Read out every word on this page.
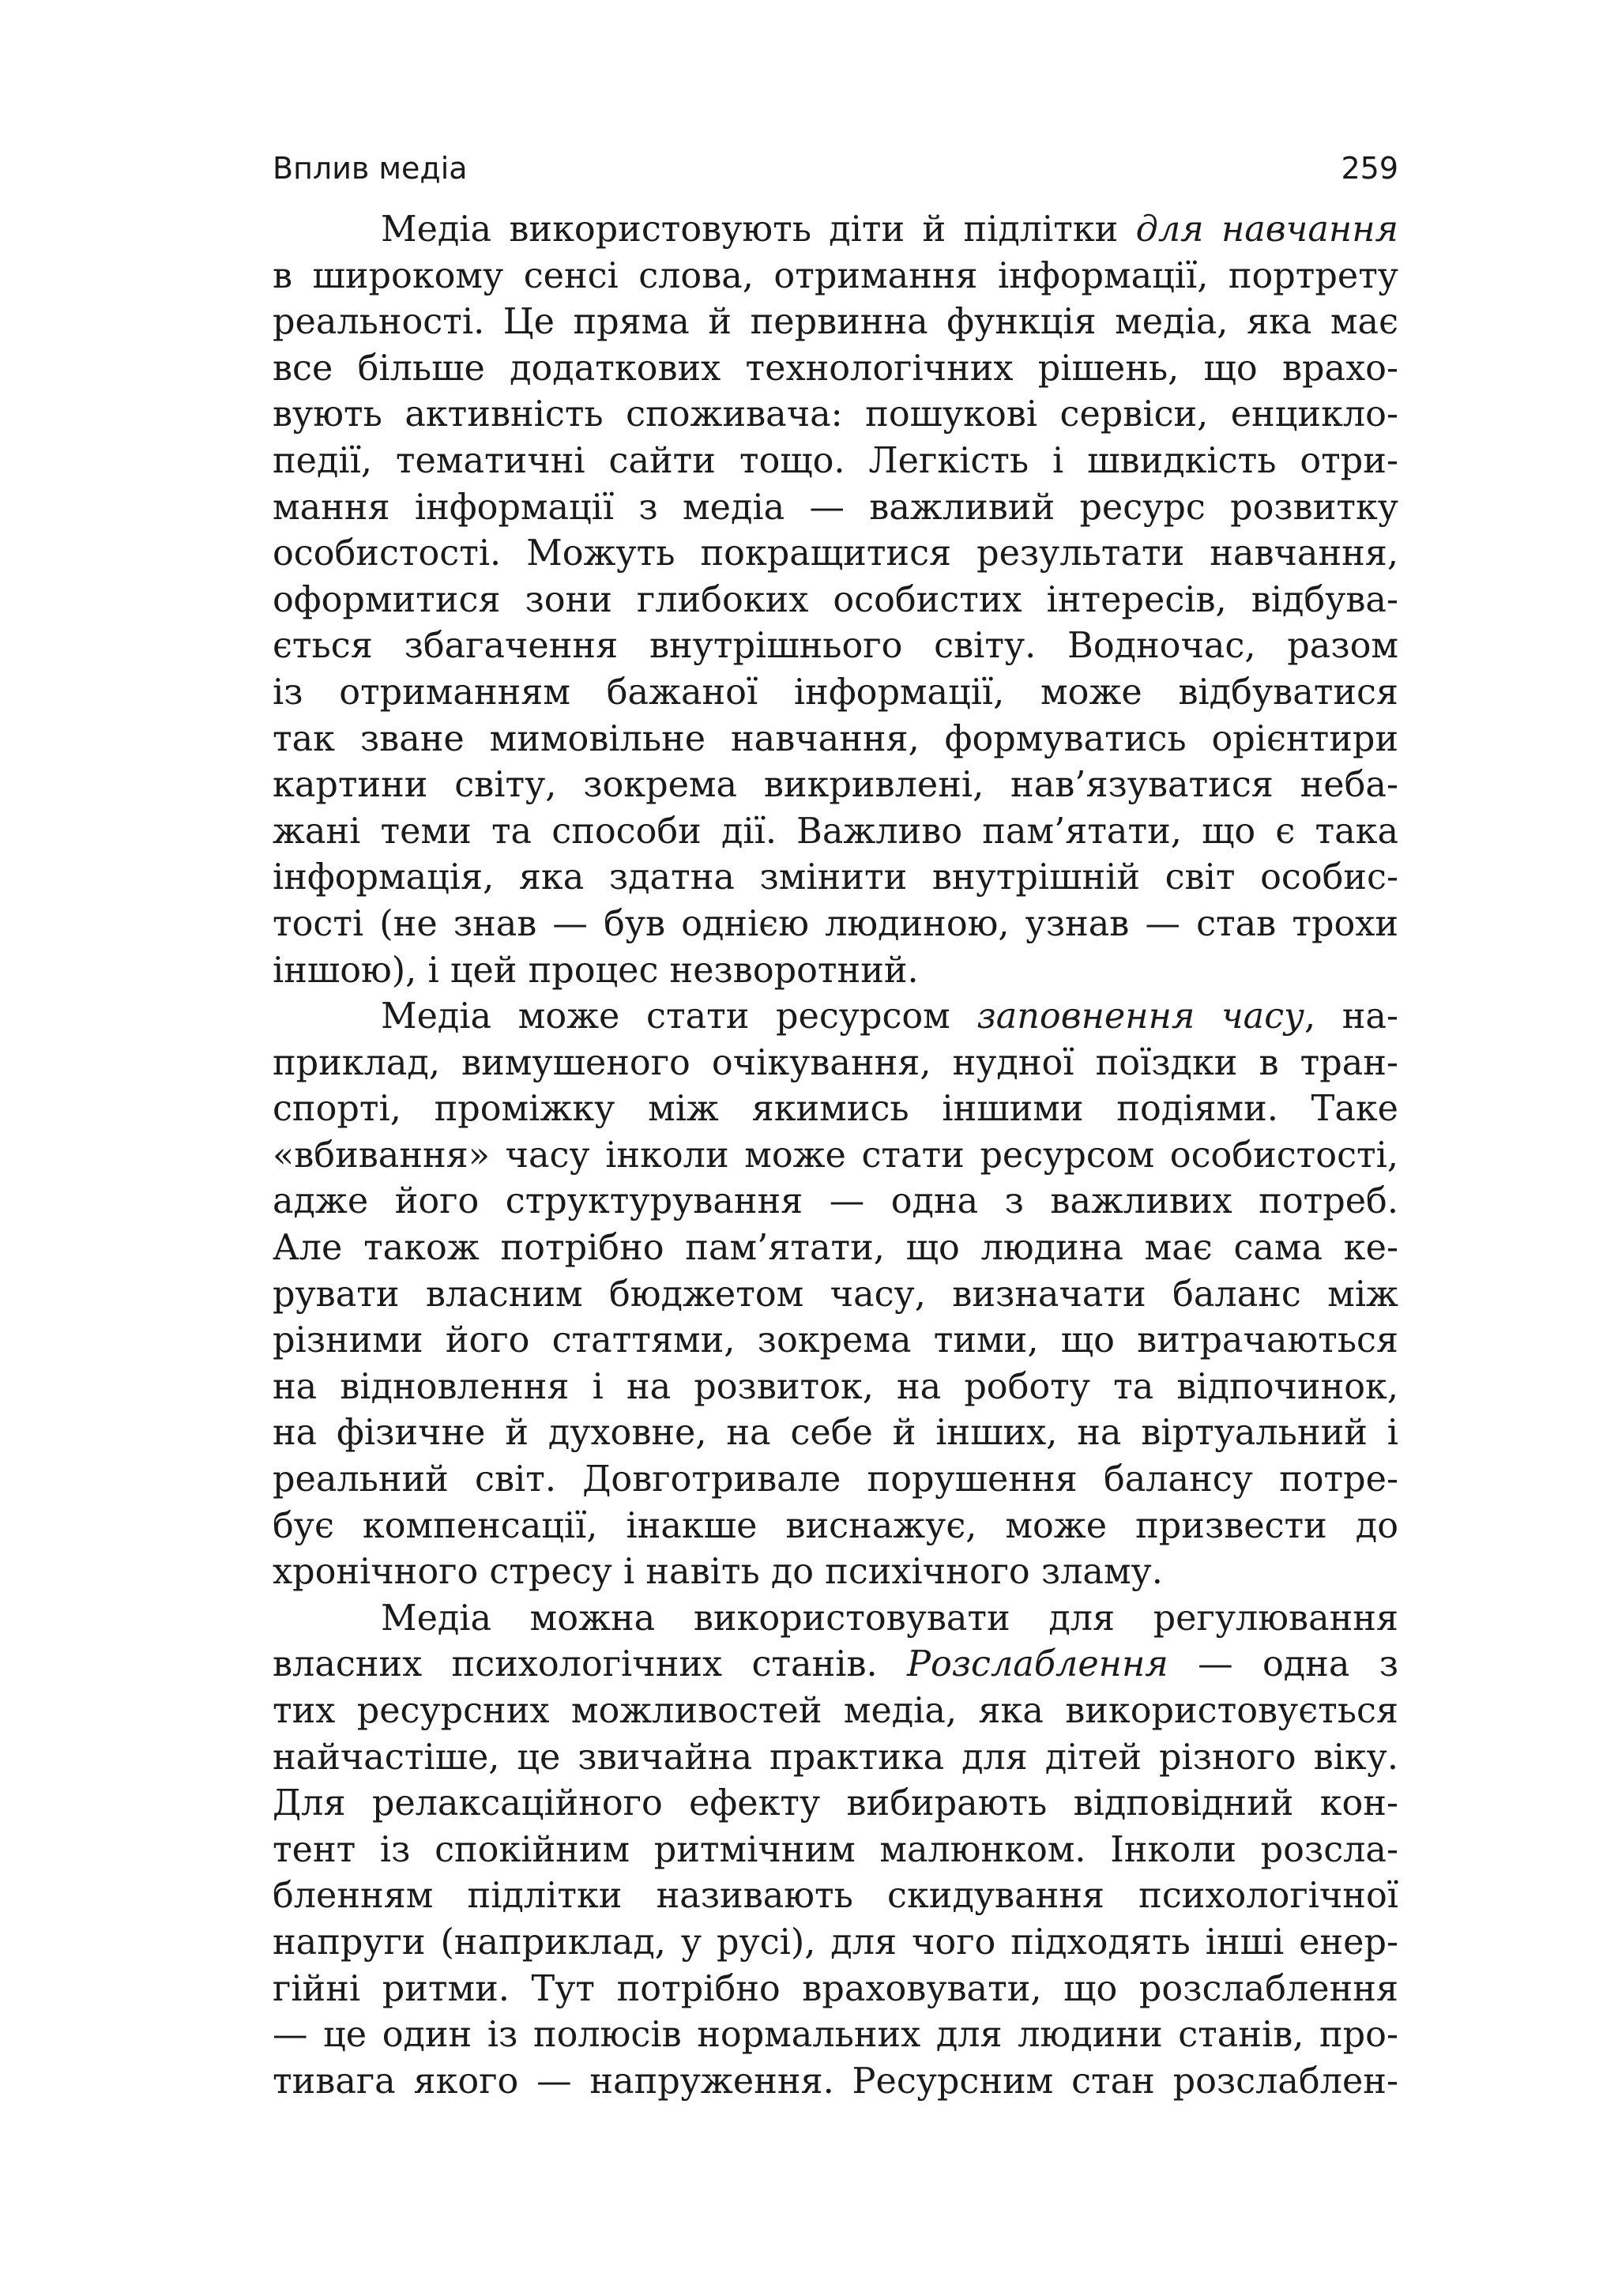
Вплив медіа	259
Медіа використовують діти й підлітки для навчання
в широкому сенсі слова, отримання інформації, портрету
реальності. Це пряма й первинна функція медіа, яка має
все більше додаткових технологічних рішень, що врахо-
вують активність споживача: пошукові сервіси, енцикло-
педії, тематичні сайти тощо. Легкість і швидкість отри-
мання інформації з медіа — важливий ресурс розвитку
особистості. Можуть покращитися результати навчання,
оформитися зони глибоких особистих інтересів, відбува-
ється збагачення внутрішнього світу. Водночас, разом
із отриманням бажаної інформації, може відбуватися
так зване мимовільне навчання, формуватись орієнтири
картини світу, зокрема викривлені, нав’язуватися неба-
жані теми та способи дії. Важливо пам’ятати, що є така
інформація, яка здатна змінити внутрішній світ особис-
тості (не знав — був однією людиною, узнав — став трохи
іншою), і цей процес незворотний.
Медіа може стати ресурсом заповнення часу, на-
приклад, вимушеного очікування, нудної поїздки в тран-
спорті, проміжку між якимись іншими подіями. Таке
«вбивання» часу інколи може стати ресурсом особистості,
адже його структурування — одна з важливих потреб.
Але також потрібно пам’ятати, що людина має сама ке-
рувати власним бюджетом часу, визначати баланс між
різними його статтями, зокрема тими, що витрачаються
на відновлення і на розвиток, на роботу та відпочинок,
на фізичне й духовне, на себе й інших, на віртуальний і
реальний світ. Довготривале порушення балансу потре-
бує компенсації, інакше виснажує, може призвести до
хронічного стресу і навіть до психічного зламу.
Медіа можна використовувати для регулювання
власних психологічних станів. Розслаблення — одна з
тих ресурсних можливостей медіа, яка використовується
найчастіше, це звичайна практика для дітей різного віку.
Для релаксаційного ефекту вибирають відповідний кон-
тент із спокійним ритмічним малюнком. Інколи розсла-
бленням підлітки називають скидування психологічної
напруги (наприклад, у русі), для чого підходять інші енер-
гійні ритми. Тут потрібно враховувати, що розслаблення
— це один із полюсів нормальних для людини станів, про-
тивага якого — напруження. Ресурсним стан розслаблен-
